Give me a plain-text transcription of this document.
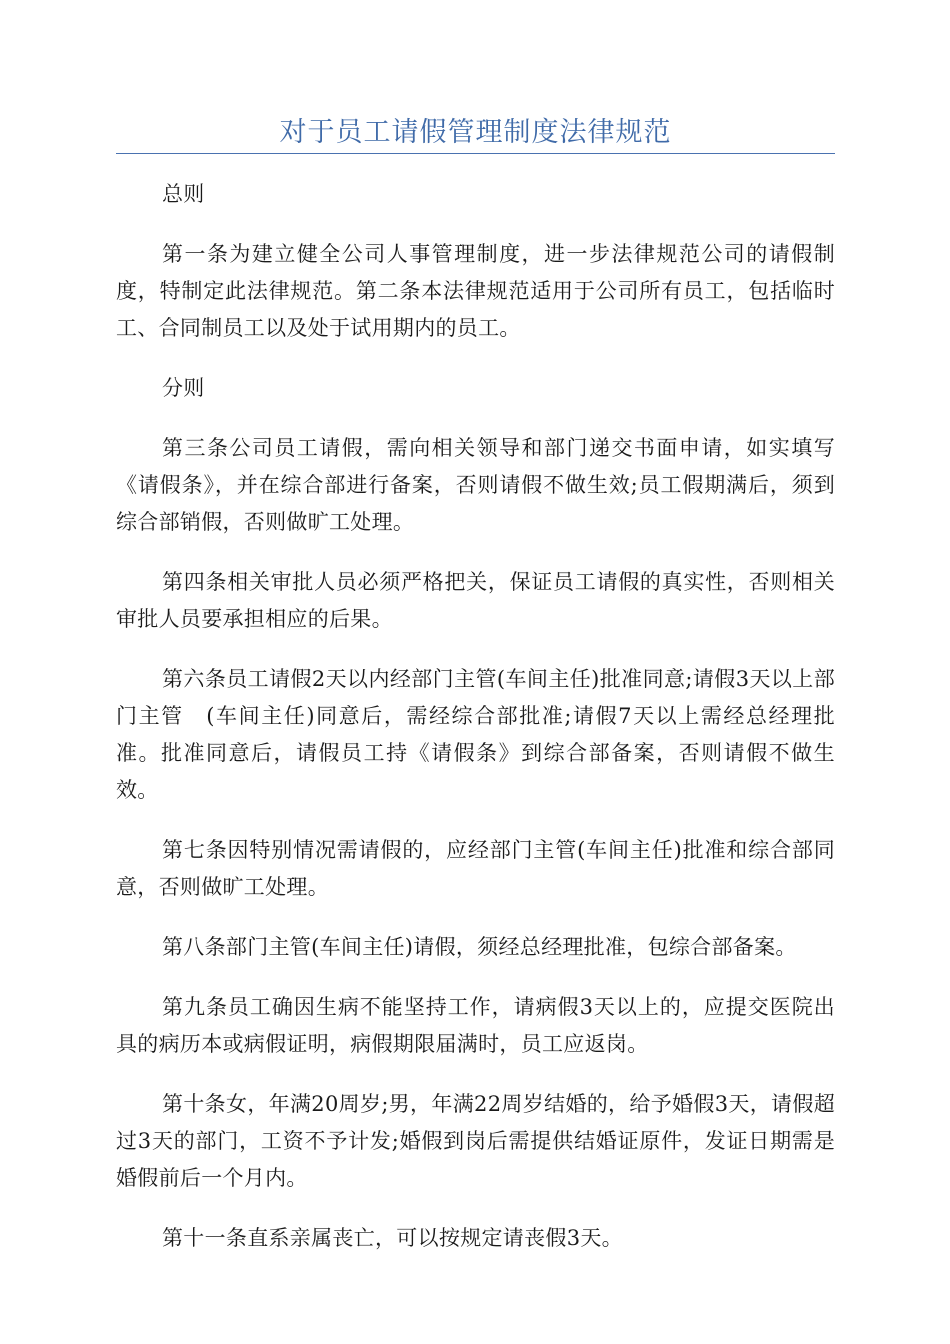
对于员工请假管理制度法律规范

总则

第一条为建立健全公司人事管理制度，进一步法律规范公司的请假制度，特制定此法律规范。第二条本法律规范适用于公司所有员工，包括临时工、合同制员工以及处于试用期内的员工。

分则

第三条公司员工请假，需向相关领导和部门递交书面申请，如实填写《请假条》，并在综合部进行备案，否则请假不做生效;员工假期满后，须到综合部销假，否则做旷工处理。

第四条相关审批人员必须严格把关，保证员工请假的真实性，否则相关审批人员要承担相应的后果。

第六条员工请假2天以内经部门主管(车间主任)批准同意;请假3天以上部门主管　(车间主任)同意后，需经综合部批准;请假7天以上需经总经理批准。批准同意后，请假员工持《请假条》到综合部备案，否则请假不做生效。

第七条因特别情况需请假的，应经部门主管(车间主任)批准和综合部同意，否则做旷工处理。

第八条部门主管(车间主任)请假，须经总经理批准，包综合部备案。

第九条员工确因生病不能坚持工作，请病假3天以上的，应提交医院出具的病历本或病假证明，病假期限届满时，员工应返岗。

第十条女，年满20周岁;男，年满22周岁结婚的，给予婚假3天，请假超过3天的部门，工资不予计发;婚假到岗后需提供结婚证原件，发证日期需是婚假前后一个月内。

第十一条直系亲属丧亡，可以按规定请丧假3天。
